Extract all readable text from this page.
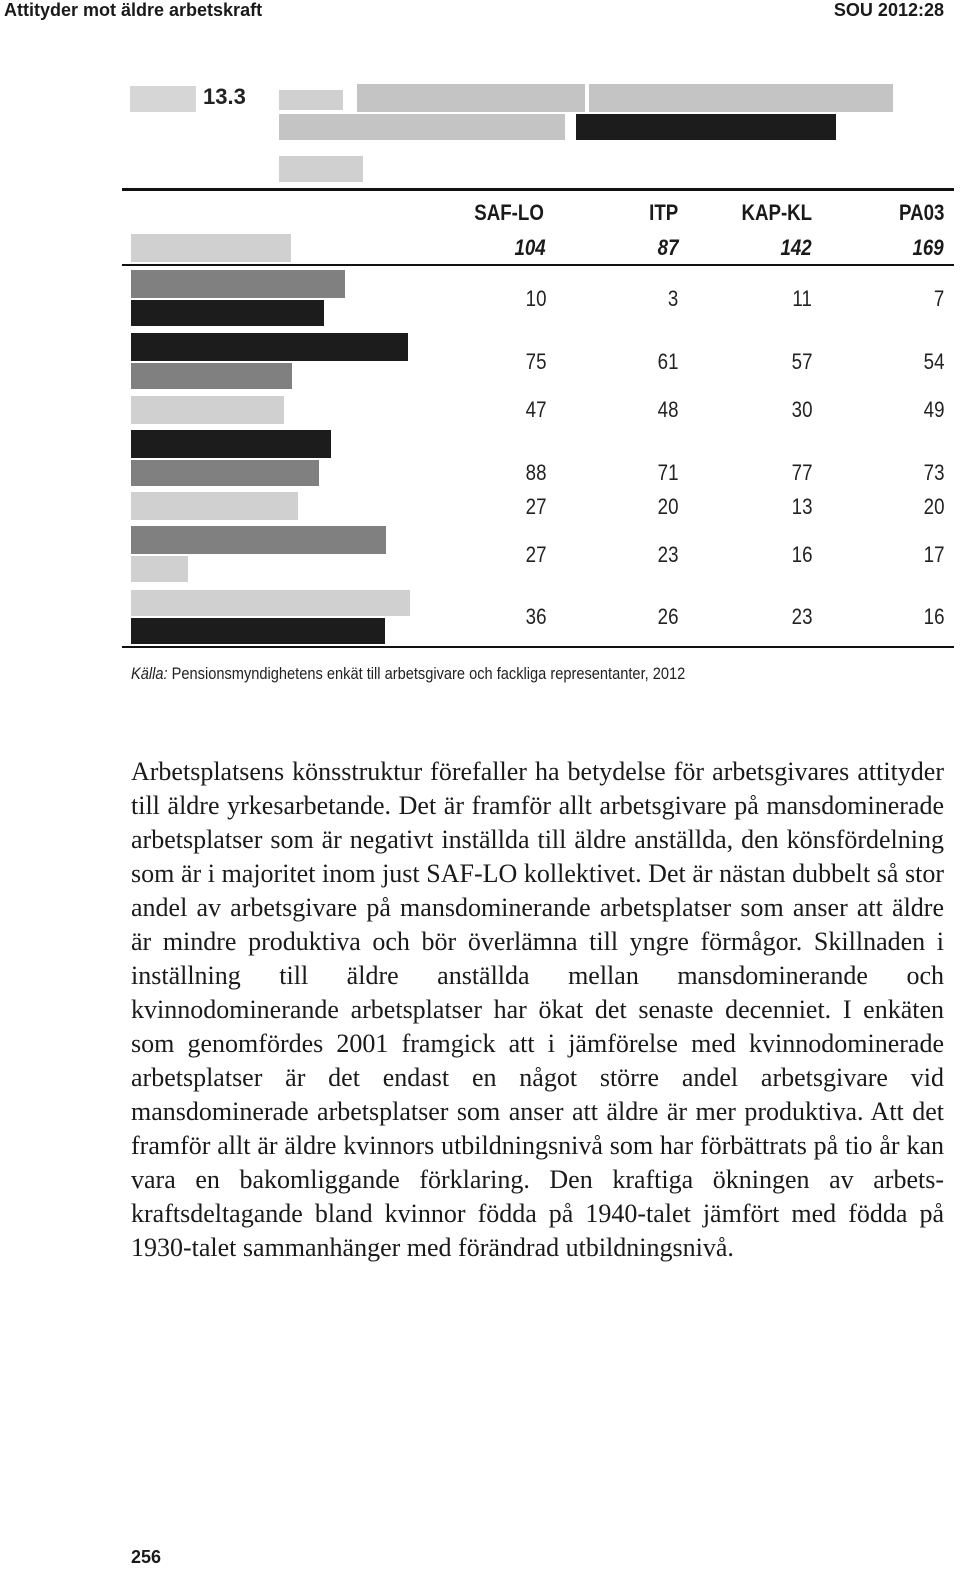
Attityder mot äldre arbetskraft	SOU 2012:28
13.3
SAF-LO	ITP	KAP-KL	PA03
104	87	142	169
10	3	11	7
75	61	57	54
47	48	30	49
88	71	77	73
27	20	13	20
27	23	16	17
36	26	23	16
Källa: Pensionsmyndighetens enkät till arbetsgivare och fackliga representanter, 2012

Arbetsplatsens könsstruktur förefaller ha betydelse för arbetsgivares attityder till äldre yrkesarbetande. Det är framför allt arbetsgivare på mansdominerade arbetsplatser som är negativt inställda till äldre anställda, den könsfördelning som är i majoritet inom just SAF-LO kollektivet. Det är nästan dubbelt så stor andel av arbetsgivare på mansdominerande arbetsplatser som anser att äldre är mindre produktiva och bör överlämna till yngre förmågor. Skillnaden i inställning till äldre anställda mellan mansdominerande och kvinnodominerande arbetsplatser har ökat det senaste decenniet. I enkäten som genomfördes 2001 framgick att i jämförelse med kvinnodominerade arbetsplatser är det endast en något större andel arbetsgivare vid mansdominerade arbetsplatser som anser att äldre är mer produktiva. Att det framför allt är äldre kvinnors utbildningsnivå som har förbättrats på tio år kan vara en bakomliggande förklaring. Den kraftiga ökningen av arbetskraftsdeltagande bland kvinnor födda på 1940-talet jämfört med födda på 1930-talet sammanhänger med förändrad utbildningsnivå.

256
